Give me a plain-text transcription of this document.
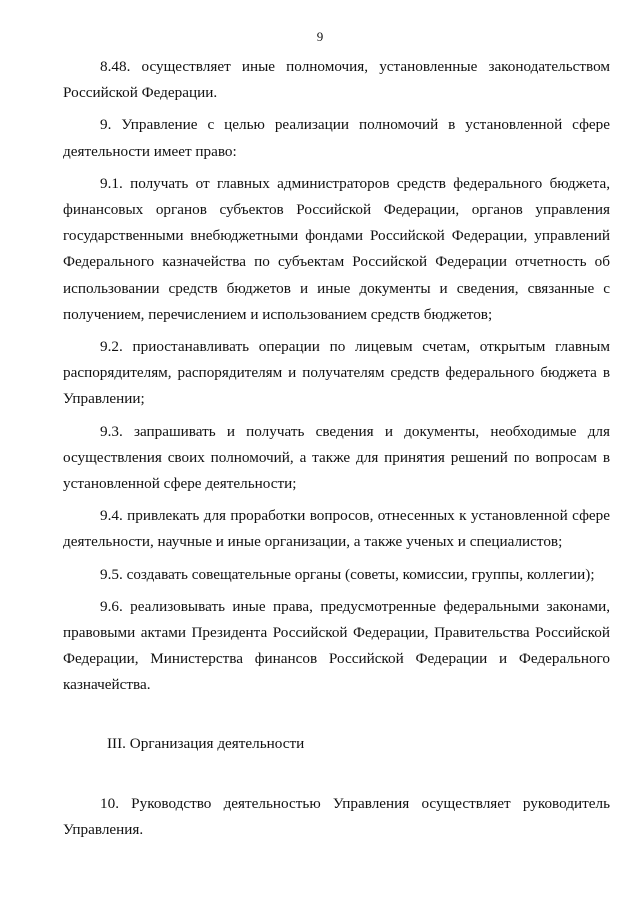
9

8.48. осуществляет иные полномочия, установленные законодательством Российской Федерации.

9. Управление с целью реализации полномочий в установленной сфере деятельности имеет право:

9.1. получать от главных администраторов средств федерального бюджета, финансовых органов субъектов Российской Федерации, органов управления государственными внебюджетными фондами Российской Федерации, управлений Федерального казначейства по субъектам Российской Федерации отчетность об использовании средств бюджетов и иные документы и сведения, связанные с получением, перечислением и использованием средств бюджетов;

9.2. приостанавливать операции по лицевым счетам, открытым главным распорядителям, распорядителям и получателям средств федерального бюджета в Управлении;

9.3. запрашивать и получать сведения и документы, необходимые для осуществления своих полномочий, а также для принятия решений по вопросам в установленной сфере деятельности;

9.4. привлекать для проработки вопросов, отнесенных к установленной сфере деятельности, научные и иные организации, а также ученых и специалистов;

9.5. создавать совещательные органы (советы, комиссии, группы, коллегии);

9.6. реализовывать иные права, предусмотренные федеральными законами, правовыми актами Президента Российской Федерации, Правительства Российской Федерации, Министерства финансов Российской Федерации и Федерального казначейства.

III. Организация деятельности

10. Руководство деятельностью Управления осуществляет руководитель Управления.
